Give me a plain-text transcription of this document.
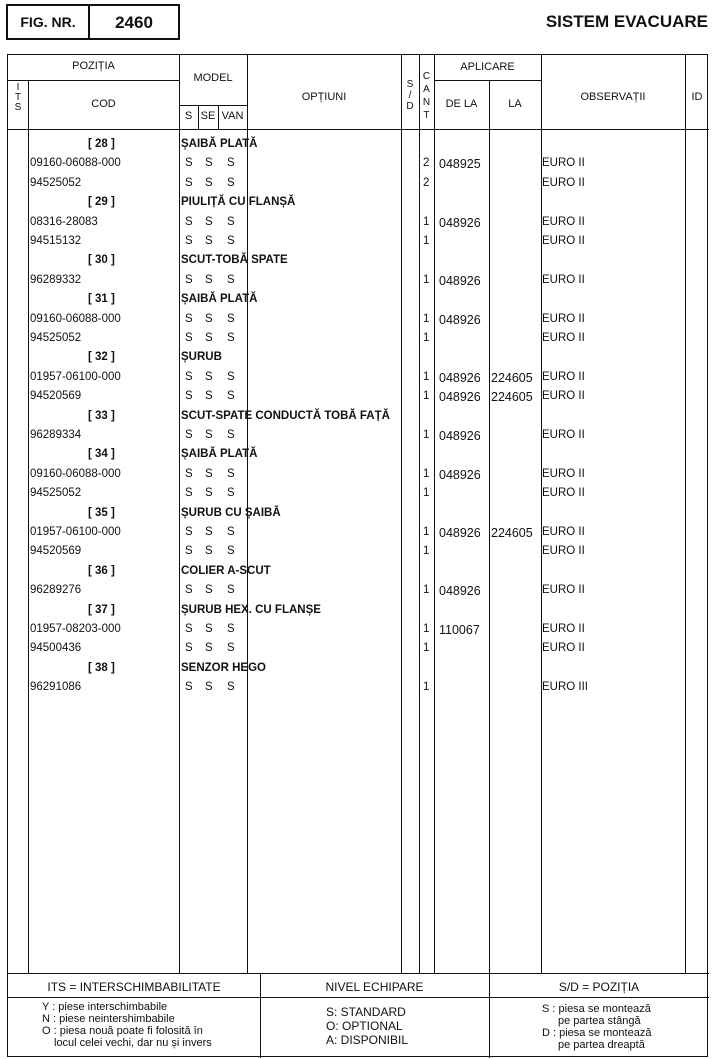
FIG. NR.	2460	SISTEM EVACUARE
POZIȚIA
I
T
S	COD
MODEL
S SE VAN
OPȚIUNI
S
/
D
C
A
N
T
APLICARE
DE LA	LA
OBSERVAȚII	ID
ITS = INTERSCHIMBABILITATE	NIVEL ECHIPARE	S/D = POZIȚIA
Y : piese interschimbabile
N : piese neintershimbabile
O : piesa nouă poate fi folosită în
locul celei vechi, dar nu și invers
S: STANDARD
O: OPTIONAL
A: DISPONIBIL
S : piesa se montează
pe partea stângă
D : piesa se montează
pe partea dreaptă
[ 28 ]	ȘAIBĂ PLATĂ
09160-06088-000	S S S	2 048925	EURO II
94525052	S S S	2	EURO II
[ 29 ]	PIULIȚĂ CU FLANȘĂ
08316-28083	S S S	1 048926	EURO II
94515132	S S S	1	EURO II
[ 30 ]	SCUT-TOBĂ SPATE
96289332	S S S	1 048926	EURO II
[ 31 ]	ȘAIBĂ PLATĂ
09160-06088-000	S S S	1 048926	EURO II
94525052	S S S	1	EURO II
[ 32 ]	ȘURUB
01957-06100-000	S S S	1 048926 224605 EURO II
94520569	S S S	1 048926 224605 EURO II
[ 33 ]	SCUT-SPATE CONDUCTĂ TOBĂ FAȚĂ
96289334	S S S	1 048926	EURO II
[ 34 ]	ȘAIBĂ PLATĂ
09160-06088-000	S S S	1 048926	EURO II
94525052	S S S	1	EURO II
[ 35 ]	ȘURUB CU ȘAIBĂ
01957-06100-000	S S S	1 048926 224605 EURO II
94520569	S S S	1	EURO II
[ 36 ]	COLIER A-SCUT
96289276	S S S	1 048926	EURO II
[ 37 ]	ȘURUB HEX. CU FLANȘE
01957-08203-000	S S S	1 110067	EURO II
94500436	S S S	1	EURO II
[ 38 ]	SENZOR HEGO
96291086	S S S	1	EURO III
